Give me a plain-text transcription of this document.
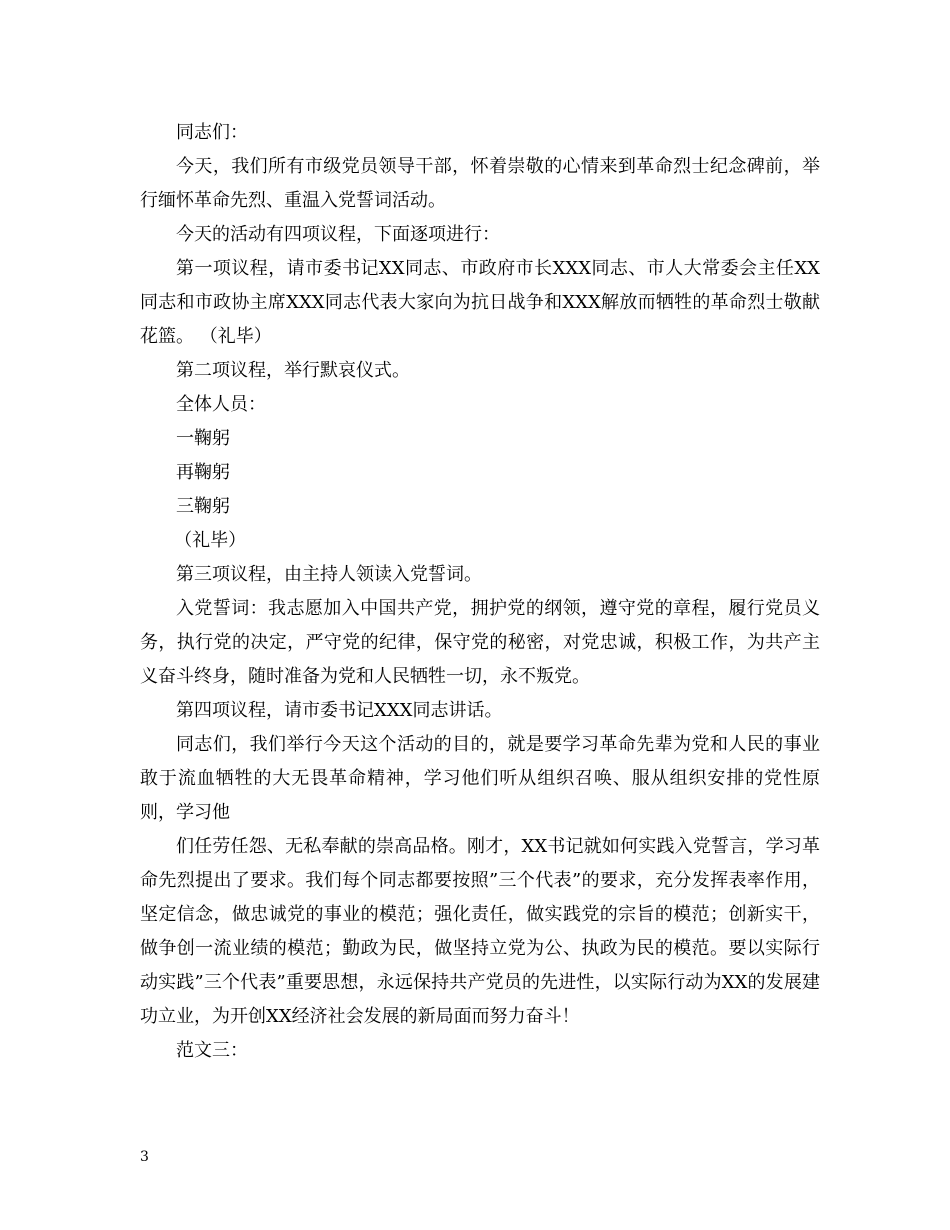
同志们：

今天，我们所有市级党员领导干部，怀着崇敬的心情来到革命烈士纪念碑前，举行缅怀革命先烈、重温入党誓词活动。

今天的活动有四项议程，下面逐项进行：

第一项议程，请市委书记XX同志、市政府市长XXX同志、市人大常委会主任XX同志和市政协主席XXX同志代表大家向为抗日战争和XXX解放而牺牲的革命烈士敬献花篮。 （礼毕）

第二项议程，举行默哀仪式。

全体人员：

一鞠躬

再鞠躬

三鞠躬

（礼毕）

第三项议程，由主持人领读入党誓词。

入党誓词：我志愿加入中国共产党，拥护党的纲领，遵守党的章程，履行党员义务，执行党的决定，严守党的纪律，保守党的秘密，对党忠诚，积极工作，为共产主义奋斗终身，随时准备为党和人民牺牲一切，永不叛党。

第四项议程，请市委书记XXX同志讲话。

同志们，我们举行今天这个活动的目的，就是要学习革命先辈为党和人民的事业敢于流血牺牲的大无畏革命精神，学习他们听从组织召唤、服从组织安排的党性原则，学习他

们任劳任怨、无私奉献的崇高品格。刚才，XX书记就如何实践入党誓言，学习革命先烈提出了要求。我们每个同志都要按照”三个代表”的要求，充分发挥表率作用，坚定信念，做忠诚党的事业的模范；强化责任，做实践党的宗旨的模范；创新实干，做争创一流业绩的模范；勤政为民，做坚持立党为公、执政为民的模范。要以实际行动实践”三个代表”重要思想，永远保持共产党员的先进性，以实际行动为XX的发展建功立业，为开创XX经济社会发展的新局面而努力奋斗！

范文三：

3
